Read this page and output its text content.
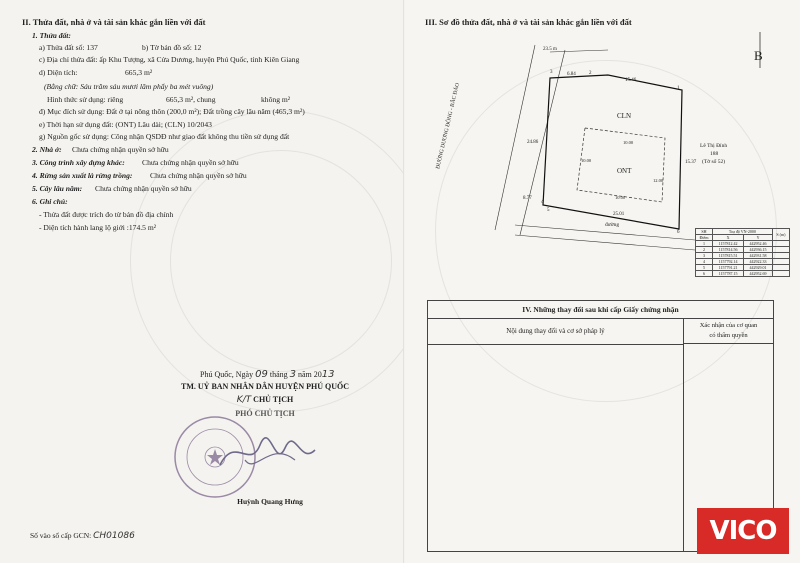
II. Thửa đất, nhà ở và tài sản khác gắn liền với đất
1. Thửa đất:
a) Thửa đất số: 137	b) Tờ bản đồ số: 12
c) Địa chỉ thửa đất: ấp Khu Tượng, xã Cửa Dương, huyện Phú Quốc, tỉnh Kiên Giang
d) Diện tích:	665,3 m²
(Bằng chữ: Sáu trăm sáu mươi lăm phẩy ba mét vuông)
Hình thức sử dụng: riêng	665,3 m², chung	không m²
đ) Mục đích sử dụng: Đất ở tại nông thôn (200,0 m²); Đất trồng cây lâu năm (465,3 m²)
e) Thời hạn sử dụng đất: (ONT) Lâu dài; (CLN) 10/2043
g) Nguồn gốc sử dụng: Công nhận QSDĐ như giao đất không thu tiền sử dụng đất
2. Nhà ở: Chưa chứng nhận quyền sở hữu
3. Công trình xây dựng khác: Chưa chứng nhận quyền sở hữu
4. Rừng sản xuất là rừng trồng: Chưa chứng nhận quyền sở hữu
5. Cây lâu năm: Chưa chứng nhận quyền sở hữu
6. Ghi chú:
- Thửa đất được trích đo từ bản đồ địa chính
- Diện tích hành lang lộ giới :174.5 m²
Phú Quốc, Ngày 09 tháng 3 năm 2013
TM. UỶ BAN NHÂN DÂN HUYỆN PHÚ QUỐC
K/T CHỦ TỊCH
PHÓ CHỦ TỊCH
Huỳnh Quang Hưng
Số vào sổ cấp GCN: CH01086
III. Sơ đồ thửa đất, nhà ở và tài sản khác gắn liền với đất
B
ĐƯỜNG DƯƠNG ĐÔNG - BẮC ĐẢO
đường
CLN
ONT
Lê Thị Đính
188
(Tờ số 52)
23.5 m
6.84
15.46
24.86
15.37
25.01
8.77
10.00
10.00
12.00
10.00
1
2
3
4
5
6	SH	Toạ độ VN-2000		S (m)
Điểm	X	Y	
1	1157812.42	442952.46	
2	1157814.56	442936.15	
3	1157815.51	442931.58	
4	1157792.14	442922.33	
5	1157791.21	442929.01	
6	1157787.15	442952.69	
IV. Những thay đổi sau khi cấp Giấy chứng nhận
Nội dung thay đổi và cơ sở pháp lý
Xác nhận của cơ quan
có thẩm quyền
VICO
